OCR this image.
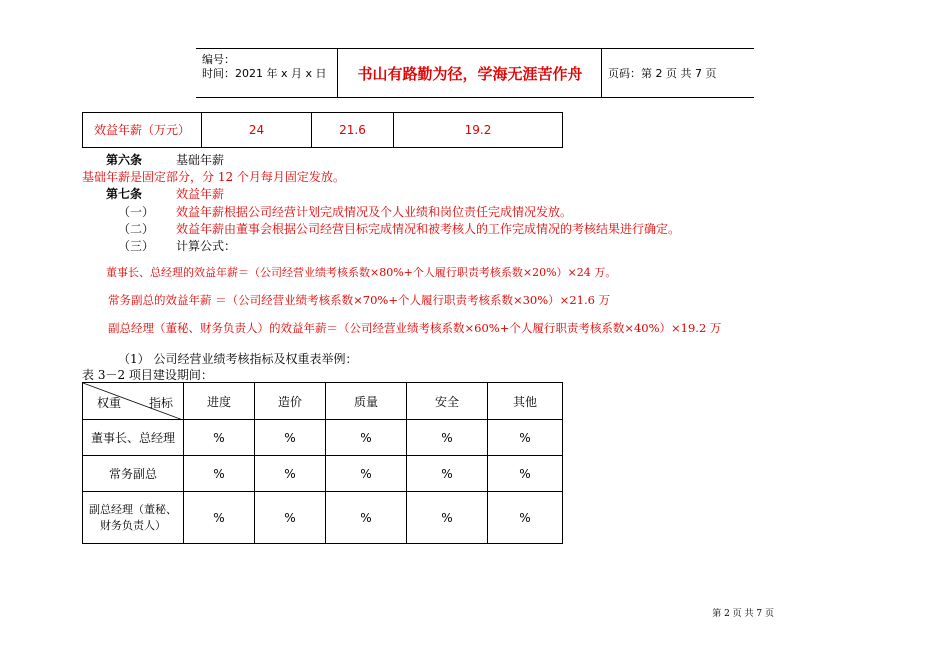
编号：
时间：2021 年 x 月 x 日	书山有路勤为径，学海无涯苦作舟	页码：第 2 页 共 7 页
效益年薪（万元）	24	21.6	19.2
第六条	基础年薪
基础年薪是固定部分，分 12 个月每月固定发放。
第七条	效益年薪
（一） 效益年薪根据公司经营计划完成情况及个人业绩和岗位责任完成情况发放。
（二） 效益年薪由董事会根据公司经营目标完成情况和被考核人的工作完成情况的考核结果进行确定。
（三） 计算公式：
董事长、总经理的效益年薪＝（公司经营业绩考核系数×80%+个人履行职责考核系数×20%）×24 万。
常务副总的效益年薪 ＝（公司经营业绩考核系数×70%+个人履行职责考核系数×30%）×21.6 万
副总经理（董秘、财务负责人）的效益年薪＝（公司经营业绩考核系数×60%+个人履行职责考核系数×40%）×19.2 万
（1） 公司经营业绩考核指标及权重表举例：
表 3－2 项目建设期间：
权重 指标	进度	造价	质量	安全	其他
董事长、总经理	%	%	%	%	%
常务副总	%	%	%	%	%
副总经理（董秘、财务负责人）	%	%	%	%	%
第 2 页 共 7 页
